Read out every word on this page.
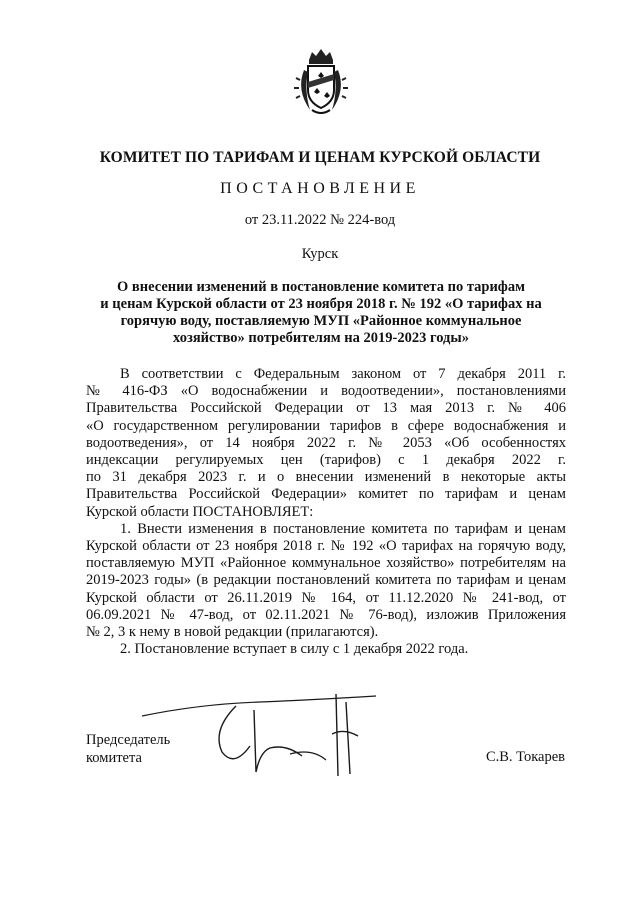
КОМИТЕТ ПО ТАРИФАМ И ЦЕНАМ КУРСКОЙ ОБЛАСТИ
ПОСТАНОВЛЕНИЕ
от 23.11.2022 № 224-вод
Курск
О внесении изменений в постановление комитета по тарифам
и ценам Курской области от 23 ноября 2018 г. № 192 «О тарифах на
горячую воду, поставляемую МУП «Районное коммунальное
хозяйство» потребителям на 2019-2023 годы»
В соответствии с Федеральным законом от 7 декабря 2011 г.
№ 416-ФЗ «О водоснабжении и водоотведении», постановлениями
Правительства Российской Федерации от 13 мая 2013 г. № 406
«О государственном регулировании тарифов в сфере водоснабжения и
водоотведения», от 14 ноября 2022 г. № 2053 «Об особенностях
индексации регулируемых цен (тарифов) с 1 декабря 2022 г.
по 31 декабря 2023 г. и о внесении изменений в некоторые акты
Правительства Российской Федерации» комитет по тарифам и ценам
Курской области ПОСТАНОВЛЯЕТ:
1. Внести изменения в постановление комитета по тарифам и ценам
Курской области от 23 ноября 2018 г. № 192 «О тарифах на горячую воду,
поставляемую МУП «Районное коммунальное хозяйство» потребителям на
2019-2023 годы» (в редакции постановлений комитета по тарифам и ценам
Курской области от 26.11.2019 № 164, от 11.12.2020 № 241-вод, от
06.09.2021 № 47-вод, от 02.11.2021 № 76-вод), изложив Приложения
№ 2, 3 к нему в новой редакции (прилагаются).
2. Постановление вступает в силу с 1 декабря 2022 года.
Председатель
комитета	С.В. Токарев
